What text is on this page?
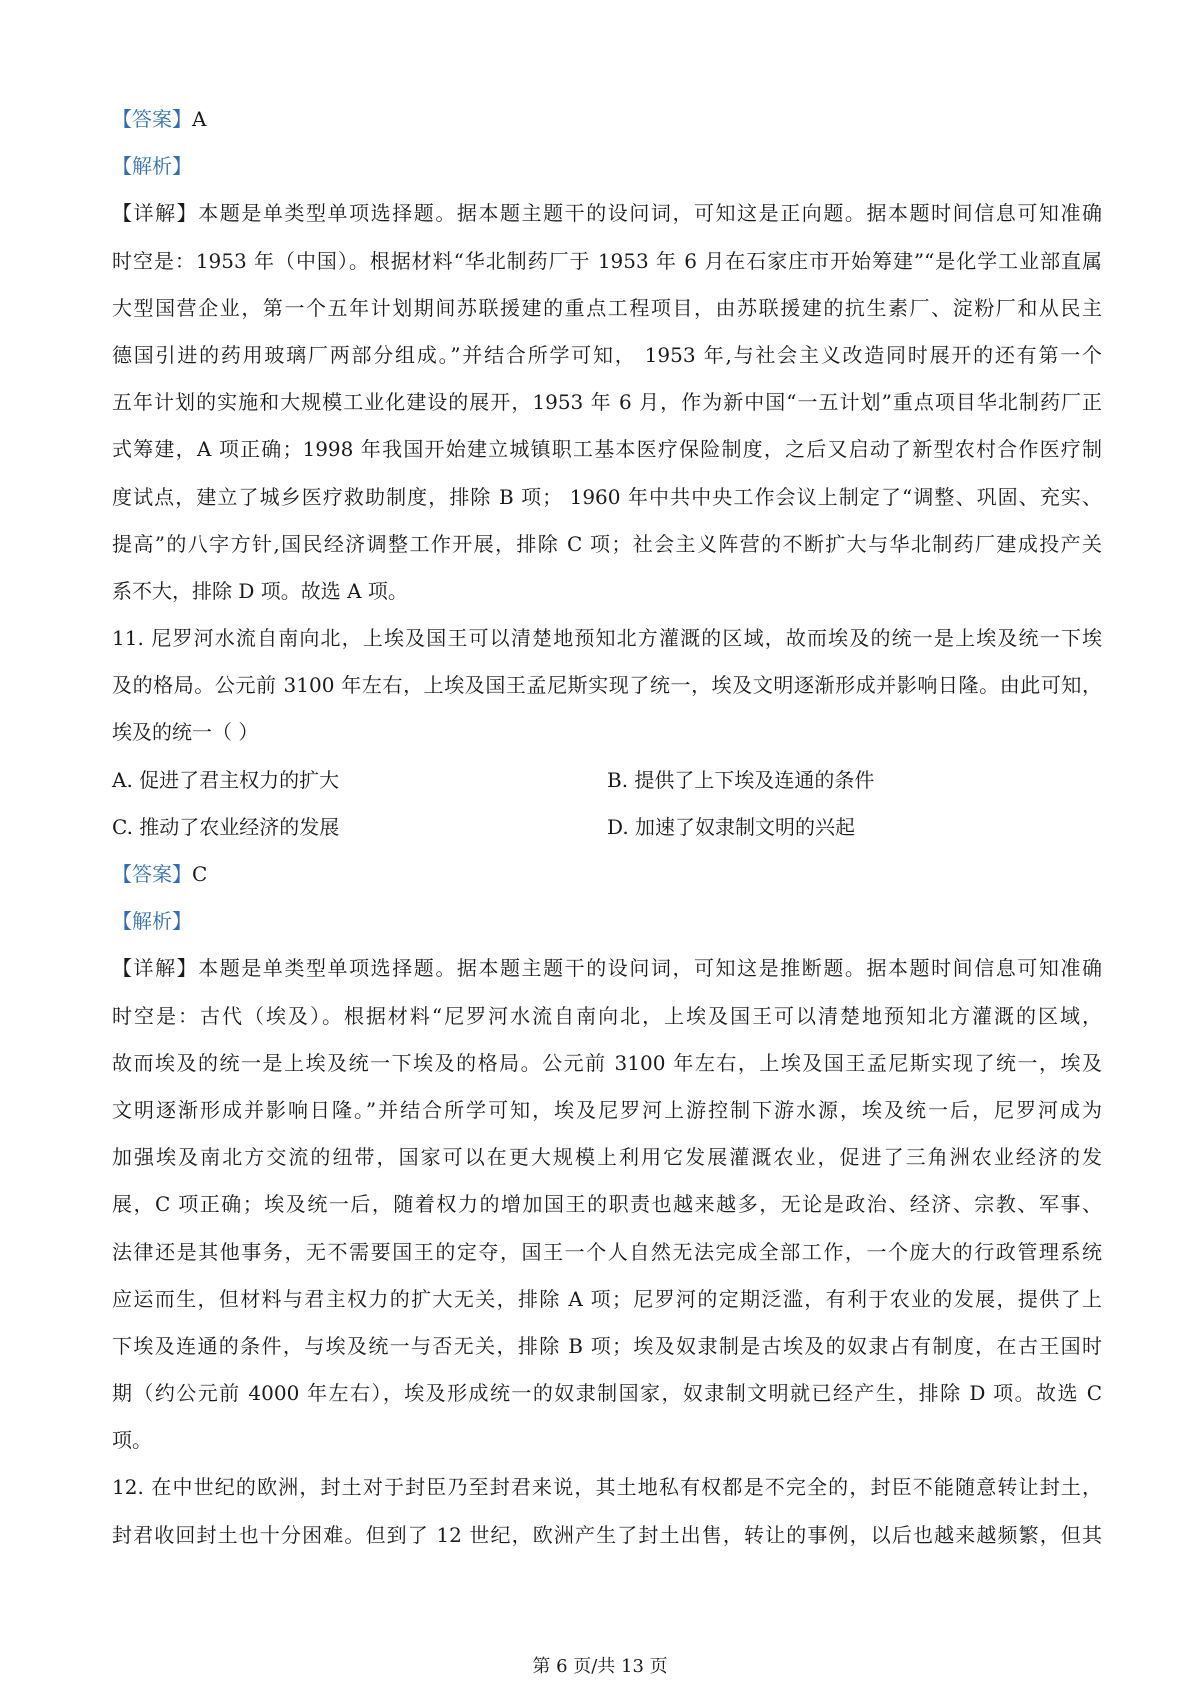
【答案】A
【解析】
【详解】本题是单类型单项选择题。据本题主题干的设问词，可知这是正向题。据本题时间信息可知准确
时空是：1953 年（中国）。根据材料“华北制药厂于 1953 年 6 月在石家庄市开始筹建”“是化学工业部直属
大型国营企业，第一个五年计划期间苏联援建的重点工程项目，由苏联援建的抗生素厂、淀粉厂和从民主
德国引进的药用玻璃厂两部分组成。”并结合所学可知， 1953 年,与社会主义改造同时展开的还有第一个
五年计划的实施和大规模工业化建设的展开，1953 年 6 月，作为新中国“一五计划”重点项目华北制药厂正
式筹建，A 项正确；1998 年我国开始建立城镇职工基本医疗保险制度，之后又启动了新型农村合作医疗制
度试点，建立了城乡医疗救助制度，排除 B 项； 1960 年中共中央工作会议上制定了“调整、巩固、充实、
提高”的八字方针,国民经济调整工作开展，排除 C 项；社会主义阵营的不断扩大与华北制药厂建成投产关
系不大，排除 D 项。故选 A 项。
11. 尼罗河水流自南向北，上埃及国王可以清楚地预知北方灌溉的区域，故而埃及的统一是上埃及统一下埃
及的格局。公元前 3100 年左右，上埃及国王孟尼斯实现了统一，埃及文明逐渐形成并影响日隆。由此可知，
埃及的统一（ ）
A. 促进了君主权力的扩大	B. 提供了上下埃及连通的条件
C. 推动了农业经济的发展	D. 加速了奴隶制文明的兴起
【答案】C
【解析】
【详解】本题是单类型单项选择题。据本题主题干的设问词，可知这是推断题。据本题时间信息可知准确
时空是：古代（埃及）。根据材料“尼罗河水流自南向北，上埃及国王可以清楚地预知北方灌溉的区域，
故而埃及的统一是上埃及统一下埃及的格局。公元前 3100 年左右，上埃及国王孟尼斯实现了统一，埃及
文明逐渐形成并影响日隆。”并结合所学可知，埃及尼罗河上游控制下游水源，埃及统一后，尼罗河成为
加强埃及南北方交流的纽带，国家可以在更大规模上利用它发展灌溉农业，促进了三角洲农业经济的发
展，C 项正确；埃及统一后，随着权力的增加国王的职责也越来越多，无论是政治、经济、宗教、军事、
法律还是其他事务，无不需要国王的定夺，国王一个人自然无法完成全部工作，一个庞大的行政管理系统
应运而生，但材料与君主权力的扩大无关，排除 A 项；尼罗河的定期泛滥，有利于农业的发展，提供了上
下埃及连通的条件，与埃及统一与否无关，排除 B 项；埃及奴隶制是古埃及的奴隶占有制度，在古王国时
期（约公元前 4000 年左右），埃及形成统一的奴隶制国家，奴隶制文明就已经产生，排除 D 项。故选 C
项。
12. 在中世纪的欧洲，封土对于封臣乃至封君来说，其土地私有权都是不完全的，封臣不能随意转让封土，
封君收回封土也十分困难。但到了 12 世纪，欧洲产生了封土出售，转让的事例，以后也越来越频繁，但其
第 6 页/共 13 页
